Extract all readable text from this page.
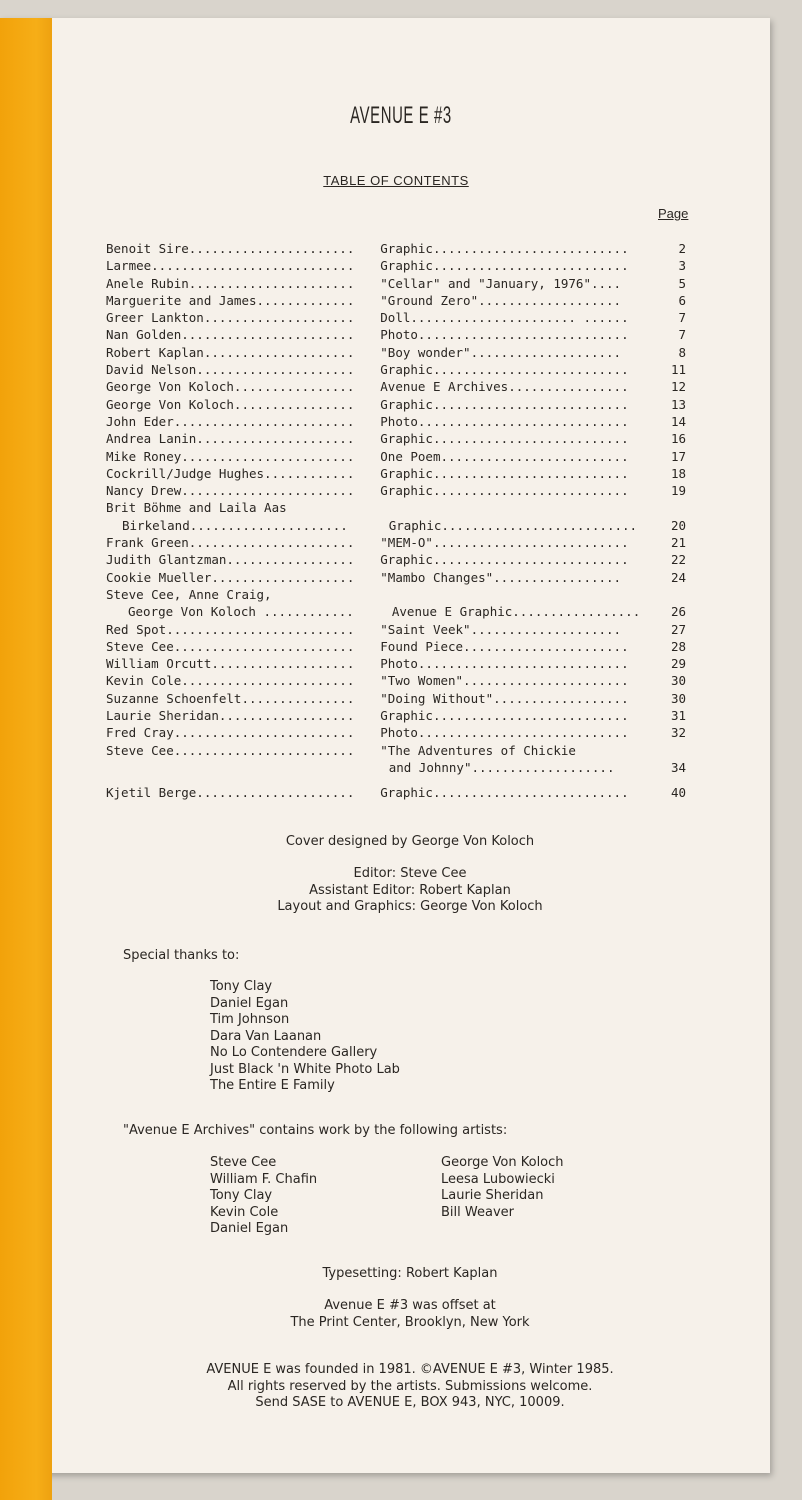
AVENUE E #3
TABLE OF CONTENTS
Page
Benoit Sire......................	Graphic..........................	2
Larmee...........................	Graphic..........................	3
Anele Rubin......................	"Cellar" and "January, 1976"....	5
Marguerite and James.............	"Ground Zero"...................	6
Greer Lankton....................	Doll...................... ......	7
Nan Golden.......................	Photo............................	7
Robert Kaplan....................	"Boy wonder"....................	8
David Nelson.....................	Graphic..........................	11
George Von Koloch................	Avenue E Archives................	12
George Von Koloch................	Graphic..........................	13
John Eder........................	Photo............................	14
Andrea Lanin.....................	Graphic..........................	16
Mike Roney.......................	One Poem.........................	17
Cockrill/Judge Hughes............	Graphic..........................	18
Nancy Drew.......................	Graphic..........................	19
Brit Böhme and Laila Aas
Birkeland.....................	Graphic..........................	20
Frank Green......................	"MEM-O"..........................	21
Judith Glantzman.................	Graphic..........................	22
Cookie Mueller...................	"Mambo Changes".................	24
Steve Cee, Anne Craig,
George Von Koloch ............	Avenue E Graphic.................	26
Red Spot.........................	"Saint Veek"....................	27
Steve Cee........................	Found Piece......................	28
William Orcutt...................	Photo............................	29
Kevin Cole.......................	"Two Women"......................	30
Suzanne Schoenfelt...............	"Doing Without"..................	30
Laurie Sheridan..................	Graphic..........................	31
Fred Cray........................	Photo............................	32
Steve Cee........................	"The Adventures of Chickie
and Johnny"...................	34
Kjetil Berge.....................	Graphic..........................	40
Cover designed by George Von Koloch
Editor: Steve Cee
Assistant Editor: Robert Kaplan
Layout and Graphics: George Von Koloch
Special thanks to:
Tony Clay
Daniel Egan
Tim Johnson
Dara Van Laanan
No Lo Contendere Gallery
Just Black 'n White Photo Lab
The Entire E Family
"Avenue E Archives" contains work by the following artists:
Steve Cee
William F. Chafin
Tony Clay
Kevin Cole
Daniel Egan
George Von Koloch
Leesa Lubowiecki
Laurie Sheridan
Bill Weaver
Typesetting: Robert Kaplan
Avenue E #3 was offset at
The Print Center, Brooklyn, New York
AVENUE E was founded in 1981. ©AVENUE E #3, Winter 1985.
All rights reserved by the artists. Submissions welcome.
Send SASE to AVENUE E, BOX 943, NYC, 10009.
